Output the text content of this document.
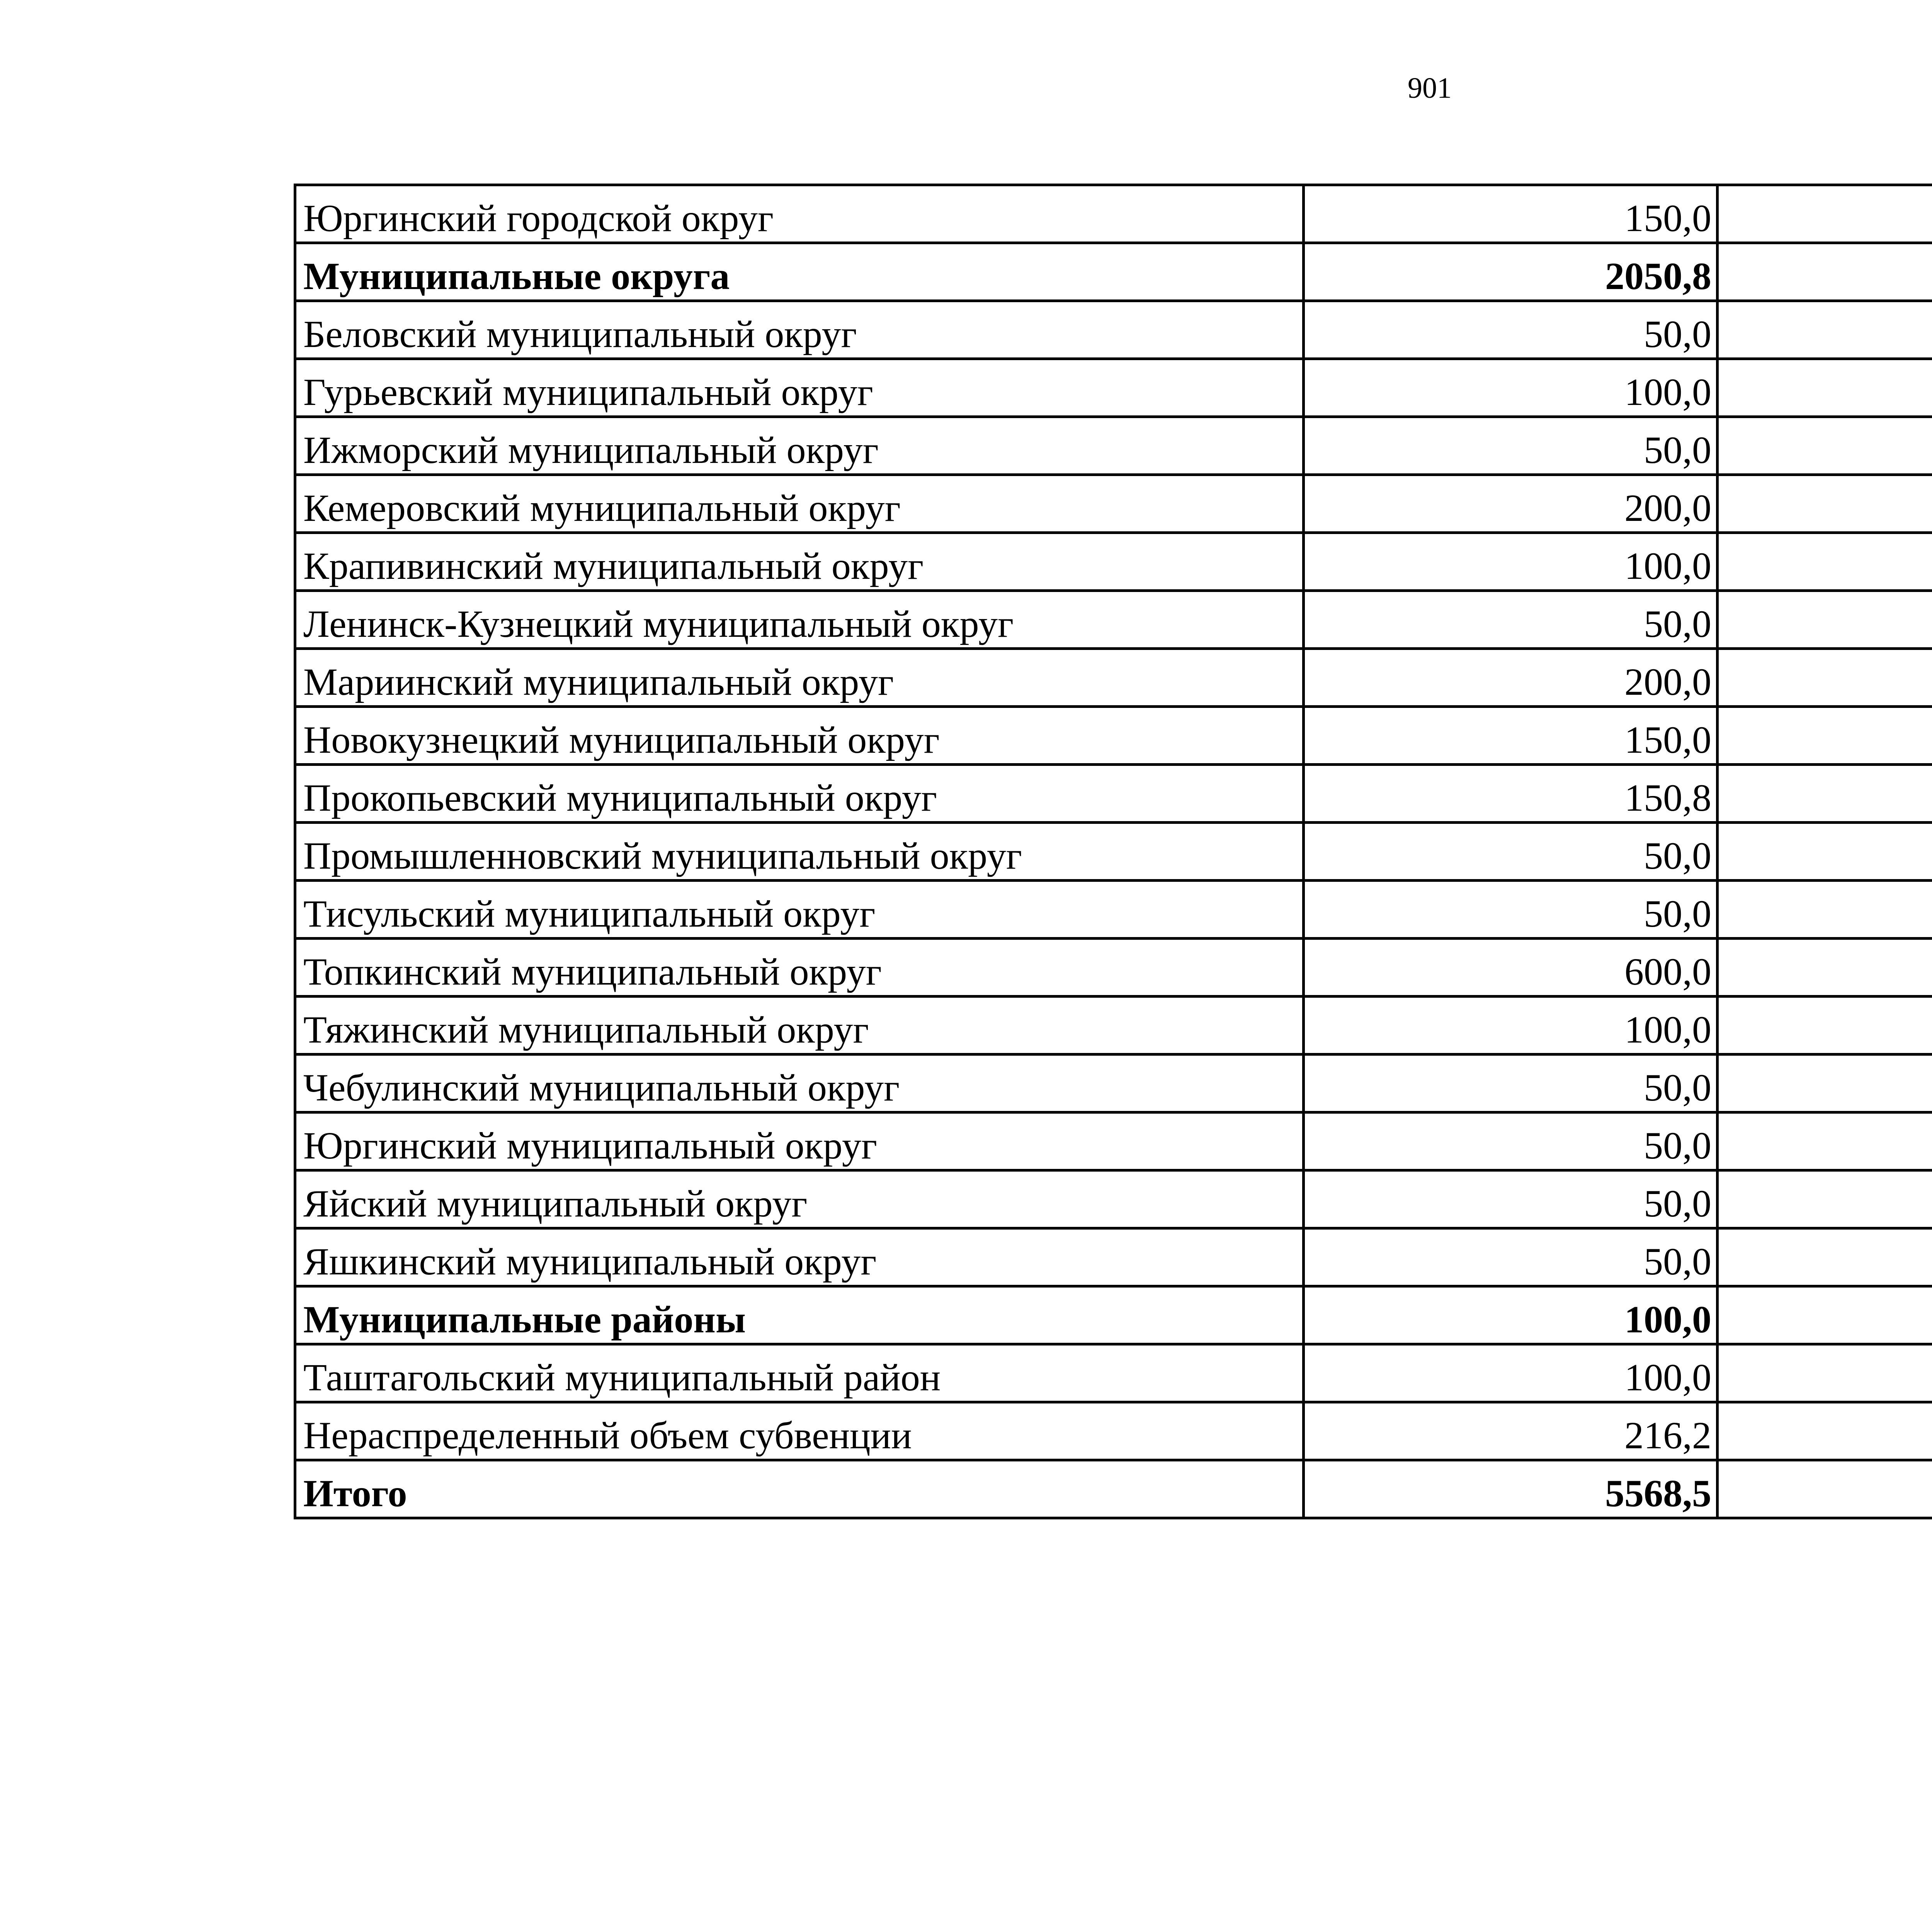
901
Юргинский городской округ	150,0		
Муниципальные округа	2050,8		
Беловский муниципальный округ	50,0		
Гурьевский муниципальный округ	100,0		
Ижморский муниципальный округ	50,0		
Кемеровский муниципальный округ	200,0		
Крапивинский муниципальный округ	100,0		
Ленинск-Кузнецкий муниципальный округ	50,0		
Мариинский муниципальный округ	200,0		
Новокузнецкий муниципальный округ	150,0		
Прокопьевский муниципальный округ	150,8		
Промышленновский муниципальный округ	50,0		
Тисульский муниципальный округ	50,0		
Топкинский муниципальный округ	600,0		
Тяжинский муниципальный округ	100,0		
Чебулинский муниципальный округ	50,0		
Юргинский муниципальный округ	50,0		
Яйский муниципальный округ	50,0		
Яшкинский муниципальный округ	50,0		
Муниципальные районы	100,0		
Таштагольский муниципальный район	100,0		
Нераспределенный объем субвенции	216,2		
Итого	5568,5		
